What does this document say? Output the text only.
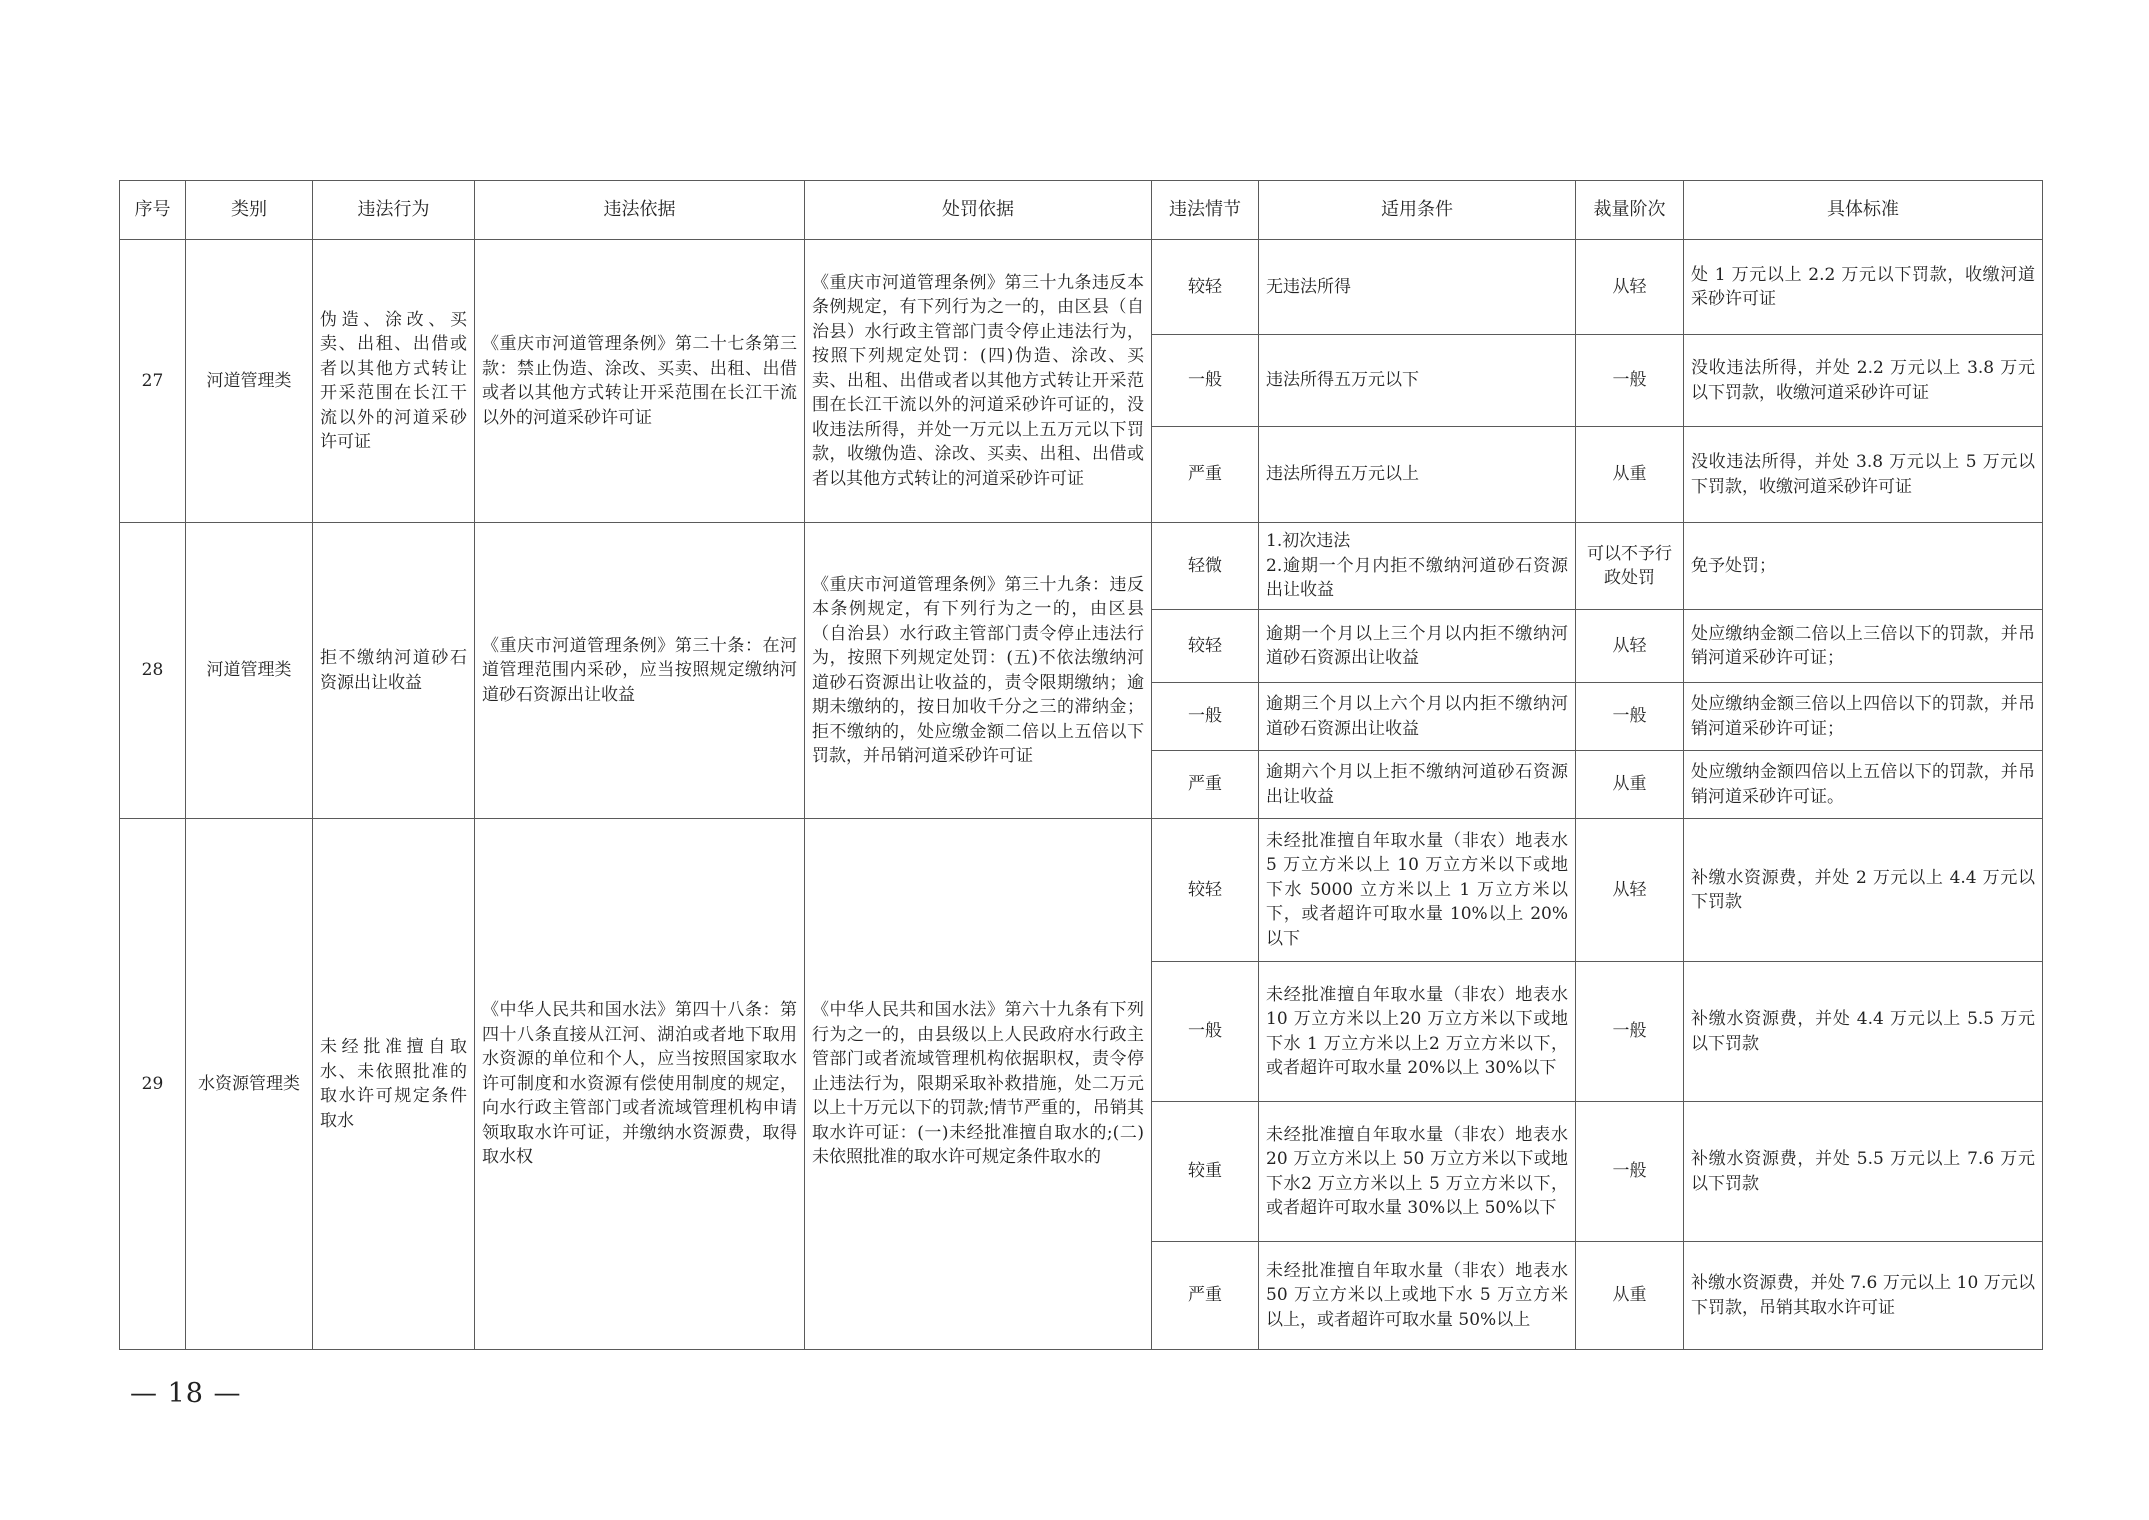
序号	类别	违法行为	违法依据	处罚依据	违法情节	适用条件	裁量阶次	具体标准
27	河道管理类	伪造、涂改、买卖、出租、出借或者以其他方式转让开采范围在长江干流以外的河道采砂许可证	《重庆市河道管理条例》第二十七条第三款：禁止伪造、涂改、买卖、出租、出借或者以其他方式转让开采范围在长江干流以外的河道采砂许可证	《重庆市河道管理条例》第三十九条违反本条例规定，有下列行为之一的，由区县（自治县）水行政主管部门责令停止违法行为，按照下列规定处罚：(四)伪造、涂改、买卖、出租、出借或者以其他方式转让开采范围在长江干流以外的河道采砂许可证的，没收违法所得，并处一万元以上五万元以下罚款，收缴伪造、涂改、买卖、出租、出借或者以其他方式转让的河道采砂许可证	较轻	无违法所得	从轻	处 1 万元以上 2.2 万元以下罚款，收缴河道采砂许可证
					一般	违法所得五万元以下	一般	没收违法所得，并处 2.2 万元以上 3.8 万元以下罚款，收缴河道采砂许可证
					严重	违法所得五万元以上	从重	没收违法所得，并处 3.8 万元以上 5 万元以下罚款，收缴河道采砂许可证
28	河道管理类	拒不缴纳河道砂石资源出让收益	《重庆市河道管理条例》第三十条：在河道管理范围内采砂，应当按照规定缴纳河道砂石资源出让收益	《重庆市河道管理条例》第三十九条：违反本条例规定，有下列行为之一的，由区县（自治县）水行政主管部门责令停止违法行为，按照下列规定处罚：(五)不依法缴纳河道砂石资源出让收益的，责令限期缴纳；逾期未缴纳的，按日加收千分之三的滞纳金；拒不缴纳的，处应缴金额二倍以上五倍以下罚款，并吊销河道采砂许可证	轻微	1.初次违法
2.逾期一个月内拒不缴纳河道砂石资源出让收益	可以不予行政处罚	免予处罚；
					较轻	逾期一个月以上三个月以内拒不缴纳河道砂石资源出让收益	从轻	处应缴纳金额二倍以上三倍以下的罚款，并吊销河道采砂许可证；
					一般	逾期三个月以上六个月以内拒不缴纳河道砂石资源出让收益	一般	处应缴纳金额三倍以上四倍以下的罚款，并吊销河道采砂许可证；
					严重	逾期六个月以上拒不缴纳河道砂石资源出让收益	从重	处应缴纳金额四倍以上五倍以下的罚款，并吊销河道采砂许可证。
29	水资源管理类	未经批准擅自取水、未依照批准的取水许可规定条件取水	《中华人民共和国水法》第四十八条：第四十八条直接从江河、湖泊或者地下取用水资源的单位和个人，应当按照国家取水许可制度和水资源有偿使用制度的规定，向水行政主管部门或者流域管理机构申请领取取水许可证，并缴纳水资源费，取得取水权	《中华人民共和国水法》第六十九条有下列行为之一的，由县级以上人民政府水行政主管部门或者流域管理机构依据职权，责令停止违法行为，限期采取补救措施，处二万元以上十万元以下的罚款;情节严重的，吊销其取水许可证：(一)未经批准擅自取水的;(二)未依照批准的取水许可规定条件取水的	较轻	未经批准擅自年取水量（非农）地表水 5 万立方米以上 10 万立方米以下或地下水 5000 立方米以上 1 万立方米以下，或者超许可取水量 10%以上 20%以下	从轻	补缴水资源费，并处 2 万元以上 4.4 万元以下罚款
					一般	未经批准擅自年取水量（非农）地表水 10 万立方米以上20 万立方米以下或地下水 1 万立方米以上2 万立方米以下，或者超许可取水量 20%以上 30%以下	一般	补缴水资源费，并处 4.4 万元以上 5.5 万元以下罚款
					较重	未经批准擅自年取水量（非农）地表水20 万立方米以上 50 万立方米以下或地下水2 万立方米以上 5 万立方米以下，或者超许可取水量 30%以上 50%以下	一般	补缴水资源费，并处 5.5 万元以上 7.6 万元以下罚款
					严重	未经批准擅自年取水量（非农）地表水 50 万立方米以上或地下水 5 万立方米以上，或者超许可取水量 50%以上	从重	补缴水资源费，并处 7.6 万元以上 10 万元以下罚款，吊销其取水许可证
— 18 —
